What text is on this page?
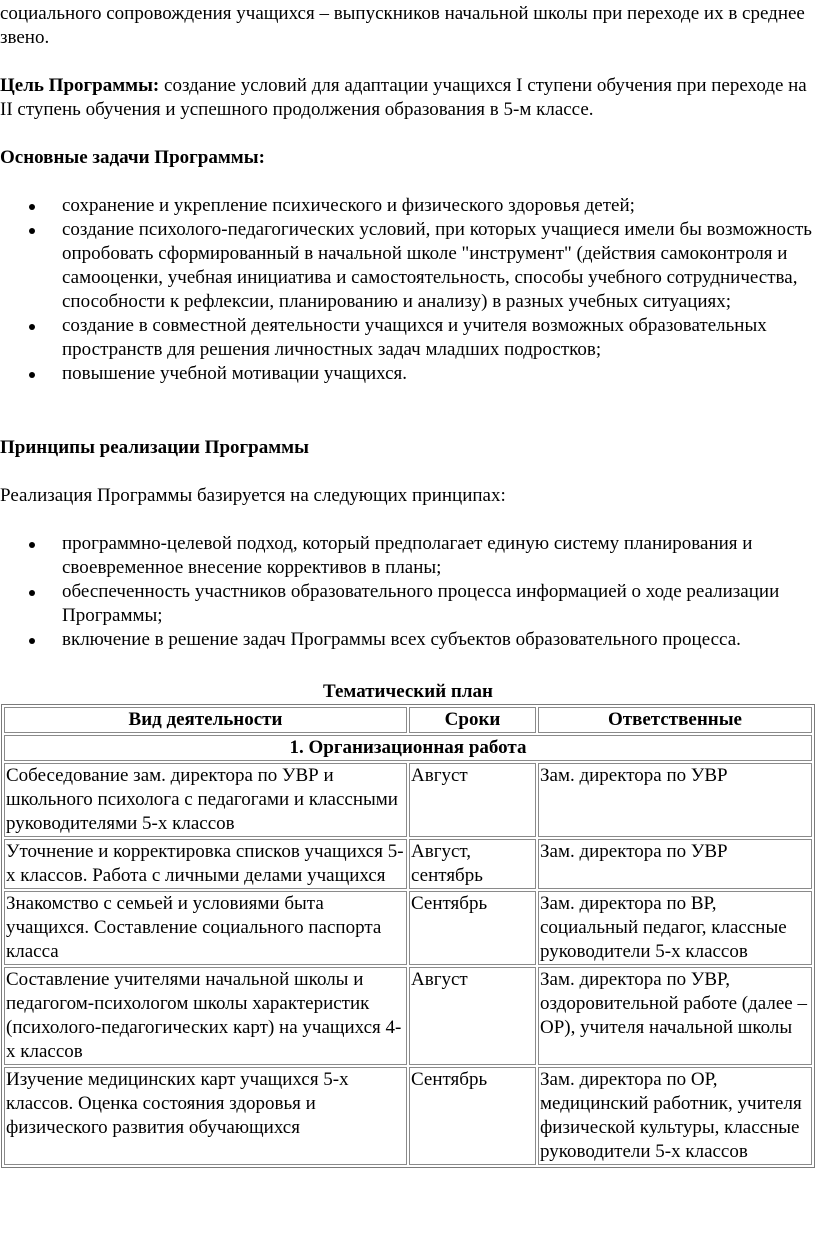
социального сопровождения учащихся – выпускников начальной школы при переходе их в среднее звено.

Цель Программы: создание условий для адаптации учащихся I ступени обучения при переходе на II ступень обучения и успешного продолжения образования в 5-м классе.

Основные задачи Программы:

сохранение и укрепление психического и физического здоровья детей;
создание психолого-педагогических условий, при которых учащиеся имели бы возможность опробовать сформированный в начальной школе "инструмент" (действия самоконтроля и самооценки, учебная инициатива и самостоятельность, способы учебного сотрудничества, способности к рефлексии, планированию и анализу) в разных учебных ситуациях;
создание в совместной деятельности учащихся и учителя возможных образовательных пространств для решения личностных задач младших подростков;
повышение учебной мотивации учащихся.

Принципы реализации Программы

Реализация Программы базируется на следующих принципах:

программно-целевой подход, который предполагает единую систему планирования и своевременное внесение коррективов в планы;
обеспеченность участников образовательного процесса информацией о ходе реализации Программы;
включение в решение задач Программы всех субъектов образовательного процесса.
Тематический план
Вид деятельности	Сроки	Ответственные
1. Организационная работа		
Собеседование зам. директора по УВР и школьного психолога с педагогами и классными руководителями 5-х классов	Август	Зам. директора по УВР
Уточнение и корректировка списков учащихся 5-х классов. Работа с личными делами учащихся	Август, сентябрь	Зам. директора по УВР
Знакомство с семьей и условиями быта учащихся. Составление социального паспорта класса	Сентябрь	Зам. директора по ВР, социальный педагог, классные руководители 5-х классов
Составление учителями начальной школы и педагогом-психологом школы характеристик (психолого-педагогических карт) на учащихся 4-х классов	Август	Зам. директора по УВР, оздоровительной работе (далее – ОР), учителя начальной школы
Изучение медицинских карт учащихся 5-х классов. Оценка состояния здоровья и физического развития обучающихся	Сентябрь	Зам. директора по ОР, медицинский работник, учителя физической культуры, классные руководители 5-х классов
